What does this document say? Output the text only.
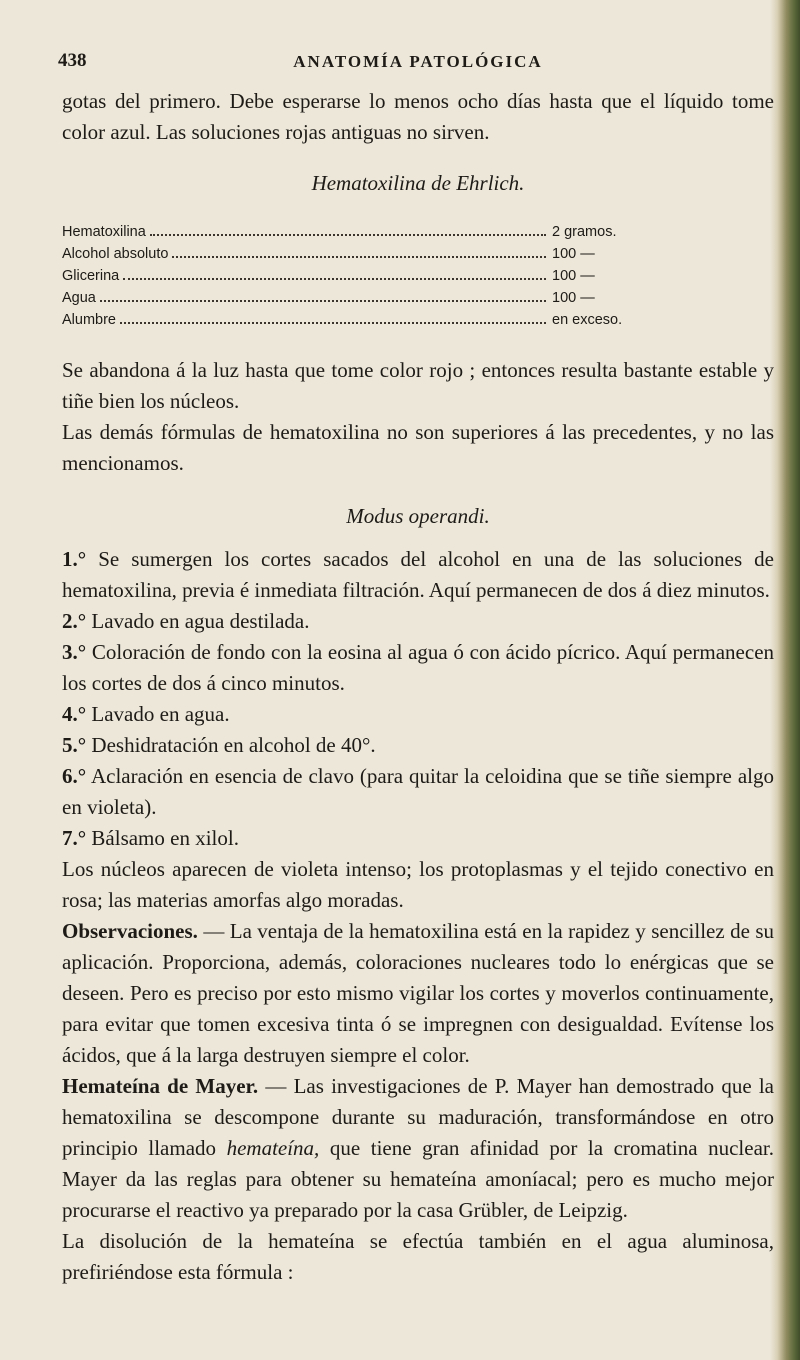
438	ANATOMÍA PATOLÓGICA

gotas del primero. Debe esperarse lo menos ocho días hasta que el líquido tome color azul. Las soluciones rojas antiguas no sirven.

Hematoxilina de Ehrlich.

Hematoxilina	2 gramos.
Alcohol absoluto	100 —
Glicerina	100 —
Agua	100 —
Alumbre	en exceso.

Se abandona á la luz hasta que tome color rojo ; entonces resulta bastante estable y tiñe bien los núcleos.

Las demás fórmulas de hematoxilina no son superiores á las precedentes, y no las mencionamos.

Modus operandi.

1.° Se sumergen los cortes sacados del alcohol en una de las soluciones de hematoxilina, previa é inmediata filtración. Aquí permanecen de dos á diez minutos.

2.° Lavado en agua destilada.

3.° Coloración de fondo con la eosina al agua ó con ácido pícrico. Aquí permanecen los cortes de dos á cinco minutos.

4.° Lavado en agua.

5.° Deshidratación en alcohol de 40°.

6.° Aclaración en esencia de clavo (para quitar la celoidina que se tiñe siempre algo en violeta).

7.° Bálsamo en xilol.

Los núcleos aparecen de violeta intenso; los protoplasmas y el tejido conectivo en rosa; las materias amorfas algo moradas.

Observaciones. — La ventaja de la hematoxilina está en la rapidez y sencillez de su aplicación. Proporciona, además, coloraciones nucleares todo lo enérgicas que se deseen. Pero es preciso por esto mismo vigilar los cortes y moverlos continuamente, para evitar que tomen excesiva tinta ó se impregnen con desigualdad. Evítense los ácidos, que á la larga destruyen siempre el color.

Hemateína de Mayer. — Las investigaciones de P. Mayer han demostrado que la hematoxilina se descompone durante su maduración, transformándose en otro principio llamado hemateína, que tiene gran afinidad por la cromatina nuclear. Mayer da las reglas para obtener su hemateína amoníacal; pero es mucho mejor procurarse el reactivo ya preparado por la casa Grübler, de Leipzig.

La disolución de la hemateína se efectúa también en el agua aluminosa, prefiriéndose esta fórmula :
